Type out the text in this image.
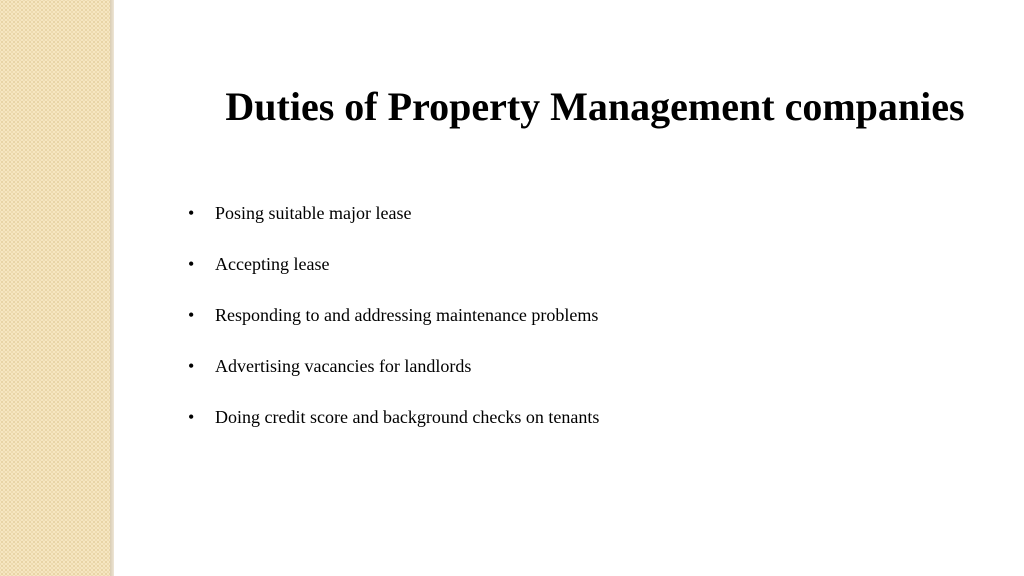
Duties of Property Management companies
• Posing suitable major lease
• Accepting lease
• Responding to and addressing maintenance problems
• Advertising vacancies for landlords
• Doing credit score and background checks on tenants
